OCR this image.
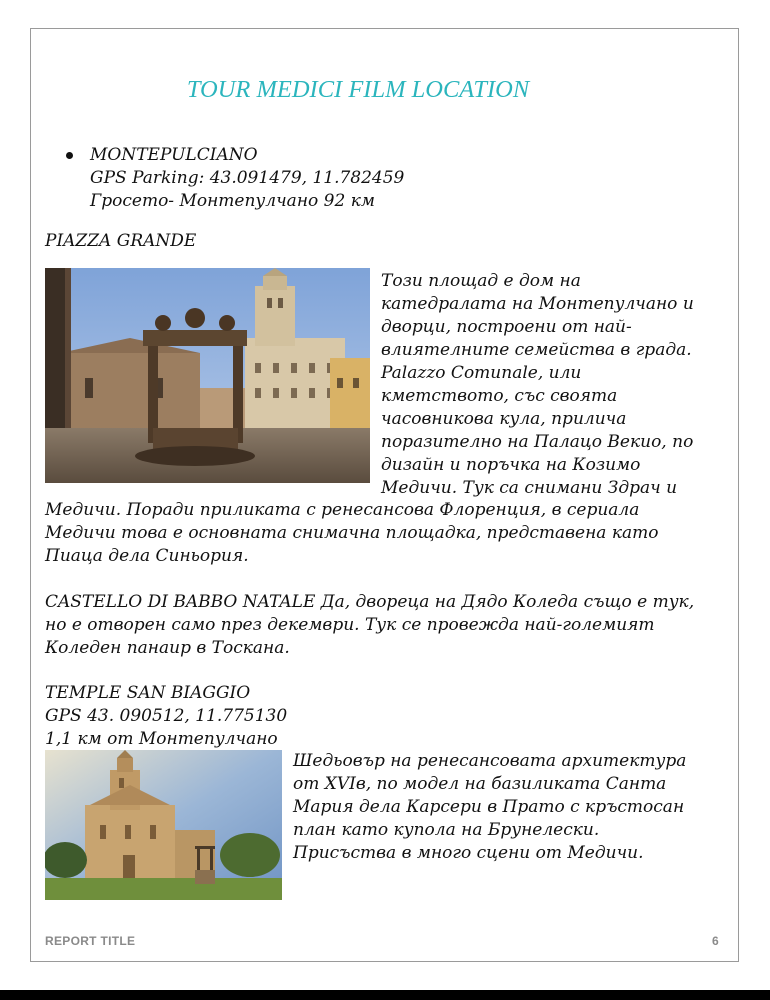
TOUR MEDICI FILM LOCATION
MONTEPULCIANO
GPS Parking: 43.091479, 11.782459
Гросето- Монтепулчано 92 км
PIAZZA GRANDE
Този площад е дом на
катедралата на Монтепулчано и
дворци, построени от най-
влиятелните семейства в града.
Palazzo Comunale, или
кметството, със своята
часовникова кула, прилича
поразително на Палацо Векио, по
дизайн и поръчка на Козимо
Медичи. Тук са снимани Здрач и
Медичи. Поради приликата с ренесансова Флоренция, в сериала
Медичи това е основната снимачна площадка, представена като
Пиаца дела Синьория.
CASTELLO DI BABBO NATALE Да, дворецa на Дядо Коледа също е тук,
но е отворен само през декември. Тук се провежда най-големият
Коледен панаир в Тоскана.
TEMPLE SAN BIAGGIO
GPS 43. 090512, 11.775130
1,1 км от Монтепулчано
Шедьовър на ренесансовата архитектура
от XVIв, по модел на базиликата Санта
Мария дела Карсери в Прато с кръстосан
план като купола на Брунелески.
Присъства в много сцени от Медичи.
REPORT TITLE	6
